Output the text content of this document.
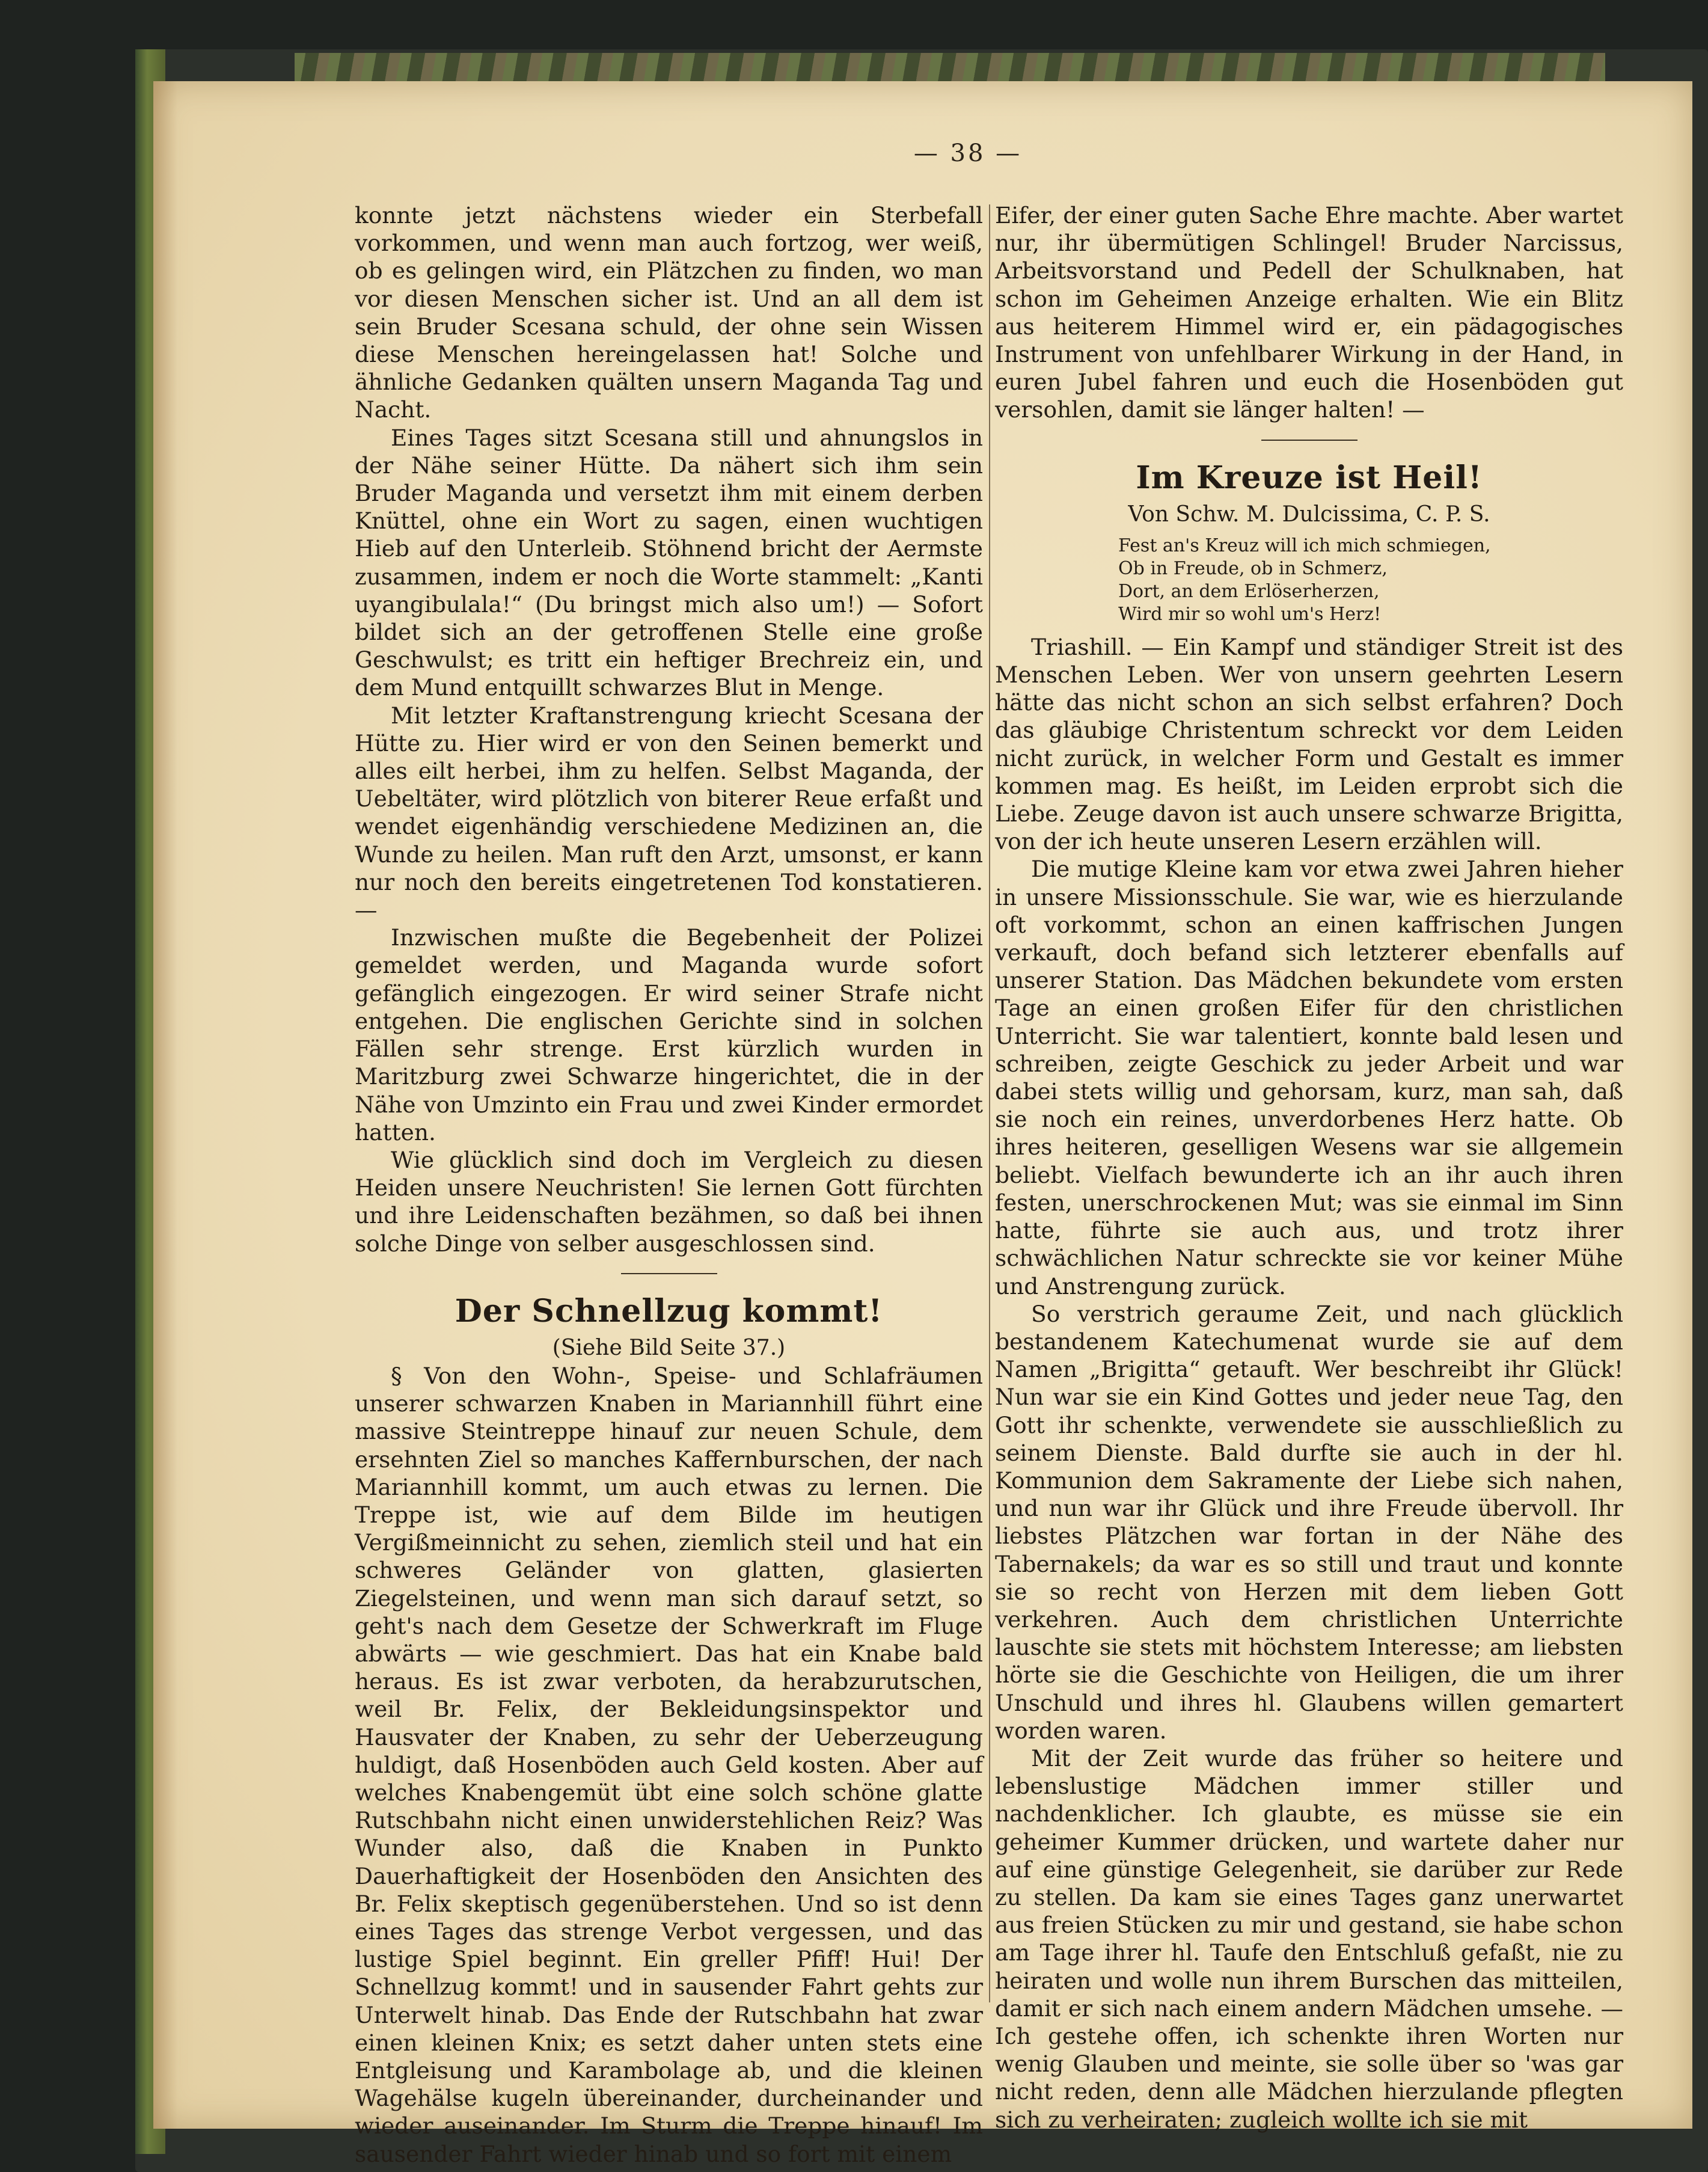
— 38 —

konnte jetzt nächstens wieder ein Sterbefall vorkommen, und wenn man auch fortzog, wer weiß, ob es gelingen wird, ein Plätzchen zu finden, wo man vor diesen Menschen sicher ist. Und an all dem ist sein Bruder Scesana schuld, der ohne sein Wissen diese Menschen hereingelassen hat! Solche und ähnliche Gedanken quälten unsern Maganda Tag und Nacht.

Eines Tages sitzt Scesana still und ahnungslos in der Nähe seiner Hütte. Da nähert sich ihm sein Bruder Maganda und versetzt ihm mit einem derben Knüttel, ohne ein Wort zu sagen, einen wuchtigen Hieb auf den Unterleib. Stöhnend bricht der Aermste zusammen, indem er noch die Worte stammelt: „Kanti uyangibulala!“ (Du bringst mich also um!) — Sofort bildet sich an der getroffenen Stelle eine große Geschwulst; es tritt ein heftiger Brechreiz ein, und dem Mund entquillt schwarzes Blut in Menge.

Mit letzter Kraftanstrengung kriecht Scesana der Hütte zu. Hier wird er von den Seinen bemerkt und alles eilt herbei, ihm zu helfen. Selbst Maganda, der Uebeltäter, wird plötzlich von biterer Reue erfaßt und wendet eigenhändig verschiedene Medizinen an, die Wunde zu heilen. Man ruft den Arzt, umsonst, er kann nur noch den bereits eingetretenen Tod konstatieren. —

Inzwischen mußte die Begebenheit der Polizei gemeldet werden, und Maganda wurde sofort gefänglich eingezogen. Er wird seiner Strafe nicht entgehen. Die englischen Gerichte sind in solchen Fällen sehr strenge. Erst kürzlich wurden in Maritzburg zwei Schwarze hingerichtet, die in der Nähe von Umzinto ein Frau und zwei Kinder ermordet hatten.

Wie glücklich sind doch im Vergleich zu diesen Heiden unsere Neuchristen! Sie lernen Gott fürchten und ihre Leidenschaften bezähmen, so daß bei ihnen solche Dinge von selber ausgeschlossen sind.

Der Schnellzug kommt!

(Siehe Bild Seite 37.)

§ Von den Wohn-, Speise- und Schlafräumen unserer schwarzen Knaben in Mariannhill führt eine massive Steintreppe hinauf zur neuen Schule, dem ersehnten Ziel so manches Kaffernburschen, der nach Mariannhill kommt, um auch etwas zu lernen. Die Treppe ist, wie auf dem Bilde im heutigen Vergißmeinnicht zu sehen, ziemlich steil und hat ein schweres Geländer von glatten, glasierten Ziegelsteinen, und wenn man sich darauf setzt, so geht's nach dem Gesetze der Schwerkraft im Fluge abwärts — wie geschmiert. Das hat ein Knabe bald heraus. Es ist zwar verboten, da herabzurutschen, weil Br. Felix, der Bekleidungsinspektor und Hausvater der Knaben, zu sehr der Ueberzeugung huldigt, daß Hosenböden auch Geld kosten. Aber auf welches Knabengemüt übt eine solch schöne glatte Rutschbahn nicht einen unwiderstehlichen Reiz? Was Wunder also, daß die Knaben in Punkto Dauerhaftigkeit der Hosenböden den Ansichten des Br. Felix skeptisch gegenüberstehen. Und so ist denn eines Tages das strenge Verbot vergessen, und das lustige Spiel beginnt. Ein greller Pfiff! Hui! Der Schnellzug kommt! und in sausender Fahrt gehts zur Unterwelt hinab. Das Ende der Rutschbahn hat zwar einen kleinen Knix; es setzt daher unten stets eine Entgleisung und Karambolage ab, und die kleinen Wagehälse kugeln übereinander, durcheinander und wieder auseinander. Im Sturm die Treppe hinauf! Im sausender Fahrt wieder hinab und so fort mit einem

Eifer, der einer guten Sache Ehre machte. Aber wartet nur, ihr übermütigen Schlingel! Bruder Narcissus, Arbeitsvorstand und Pedell der Schulknaben, hat schon im Geheimen Anzeige erhalten. Wie ein Blitz aus heiterem Himmel wird er, ein pädagogisches Instrument von unfehlbarer Wirkung in der Hand, in euren Jubel fahren und euch die Hosenböden gut versohlen, damit sie länger halten! —

Im Kreuze ist Heil!

Von Schw. M. Dulcissima, C. P. S.

Fest an's Kreuz will ich mich schmiegen,
Ob in Freude, ob in Schmerz,
Dort, an dem Erlöserherzen,
Wird mir so wohl um's Herz!

Triashill. — Ein Kampf und ständiger Streit ist des Menschen Leben. Wer von unsern geehrten Lesern hätte das nicht schon an sich selbst erfahren? Doch das gläubige Christentum schreckt vor dem Leiden nicht zurück, in welcher Form und Gestalt es immer kommen mag. Es heißt, im Leiden erprobt sich die Liebe. Zeuge davon ist auch unsere schwarze Brigitta, von der ich heute unseren Lesern erzählen will.

Die mutige Kleine kam vor etwa zwei Jahren hieher in unsere Missionsschule. Sie war, wie es hierzulande oft vorkommt, schon an einen kaffrischen Jungen verkauft, doch befand sich letzterer ebenfalls auf unserer Station. Das Mädchen bekundete vom ersten Tage an einen großen Eifer für den christlichen Unterricht. Sie war talentiert, konnte bald lesen und schreiben, zeigte Geschick zu jeder Arbeit und war dabei stets willig und gehorsam, kurz, man sah, daß sie noch ein reines, unverdorbenes Herz hatte. Ob ihres heiteren, geselligen Wesens war sie allgemein beliebt. Vielfach bewunderte ich an ihr auch ihren festen, unerschrockenen Mut; was sie einmal im Sinn hatte, führte sie auch aus, und trotz ihrer schwächlichen Natur schreckte sie vor keiner Mühe und Anstrengung zurück.

So verstrich geraume Zeit, und nach glücklich bestandenem Katechumenat wurde sie auf dem Namen „Brigitta“ getauft. Wer beschreibt ihr Glück! Nun war sie ein Kind Gottes und jeder neue Tag, den Gott ihr schenkte, verwendete sie ausschließlich zu seinem Dienste. Bald durfte sie auch in der hl. Kommunion dem Sakramente der Liebe sich nahen, und nun war ihr Glück und ihre Freude übervoll. Ihr liebstes Plätzchen war fortan in der Nähe des Tabernakels; da war es so still und traut und konnte sie so recht von Herzen mit dem lieben Gott verkehren. Auch dem christlichen Unterrichte lauschte sie stets mit höchstem Interesse; am liebsten hörte sie die Geschichte von Heiligen, die um ihrer Unschuld und ihres hl. Glaubens willen gemartert worden waren.

Mit der Zeit wurde das früher so heitere und lebenslustige Mädchen immer stiller und nachdenklicher. Ich glaubte, es müsse sie ein geheimer Kummer drücken, und wartete daher nur auf eine günstige Gelegenheit, sie darüber zur Rede zu stellen. Da kam sie eines Tages ganz unerwartet aus freien Stücken zu mir und gestand, sie habe schon am Tage ihrer hl. Taufe den Entschluß gefaßt, nie zu heiraten und wolle nun ihrem Burschen das mitteilen, damit er sich nach einem andern Mädchen umsehe. — Ich gestehe offen, ich schenkte ihren Worten nur wenig Glauben und meinte, sie solle über so 'was gar nicht reden, denn alle Mädchen hierzulande pflegten sich zu verheiraten; zugleich wollte ich sie mit
